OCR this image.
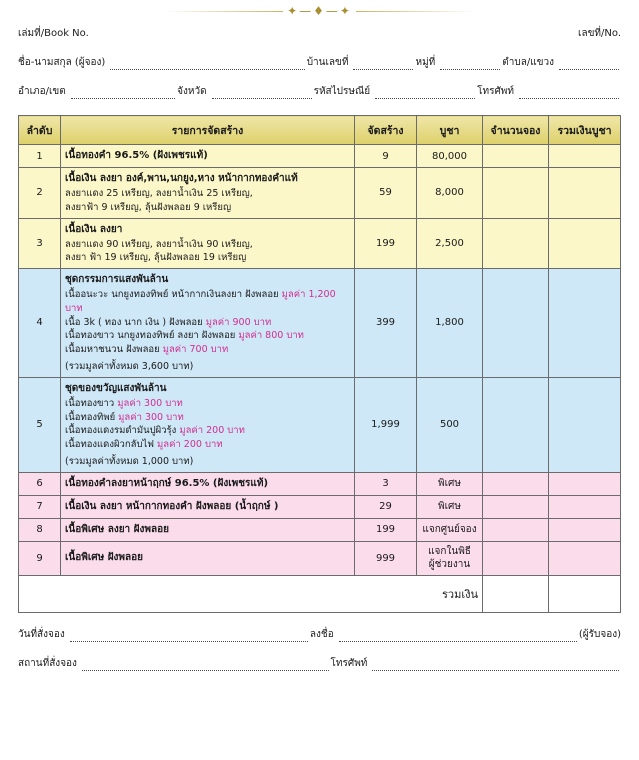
✦—♦—✦
เล่มที่/Book No.	เลขที่/No.
ชื่อ-นามสกุล (ผู้จอง)	บ้านเลขที่	หมู่ที่	ตำบล/แขวง
อำเภอ/เขต	จังหวัด	รหัสไปรษณีย์	โทรศัพท์
ลำดับ	รายการจัดสร้าง	จัดสร้าง	บูชา	จำนวนจอง	รวมเงินบูชา
1	เนื้อทองคำ 96.5% (ฝังเพชรแท้)	9	80,000		
2	เนื้อเงิน ลงยา องค์,พาน,นกยูง,หาง หน้ากากทองคำแท้
ลงยาแดง 25 เหรียญ, ลงยาน้ำเงิน 25 เหรียญ,
ลงยาฟ้า 9 เหรียญ, ลุ้นฝังพลอย 9 เหรียญ	59	8,000		
3	เนื้อเงิน ลงยา
ลงยาแดง 90 เหรียญ, ลงยาน้ำเงิน 90 เหรียญ,
ลงยา ฟ้า 19 เหรียญ, ลุ้นฝังพลอย 19 เหรียญ	199	2,500		
4	
ชุดกรรมการแสงพันล้าน
เนื้ออนะวะ นกยูงทองทิพย์ หน้ากากเงินลงยา ฝังพลอย มูลค่า 1,200 บาท
เนื้อ 3k ( ทอง นาก เงิน ) ฝังพลอย มูลค่า 900 บาท
เนื้อทองขาว นกยูงทองทิพย์ ลงยา ฝังพลอย มูลค่า 800 บาท
เนื้อมหาชนวน ฝังพลอย มูลค่า 700 บาท
(รวมมูลค่าทั้งหมด 3,600 บาท)
	399	1,800		
5	
ชุดของขวัญแสงพันล้าน
เนื้อทองขาว มูลค่า 300 บาท
เนื้อทองทิพย์ มูลค่า 300 บาท
เนื้อทองแดงรมดำมันปูผิวรุ้ง มูลค่า 200 บาท
เนื้อทองแดงผิวกลับไฟ มูลค่า 200 บาท
(รวมมูลค่าทั้งหมด 1,000 บาท)
	1,999	500		
6	เนื้อทองคำลงยาหน้าฤกษ์ 96.5% (ฝังเพชรแท้)	3	พิเศษ		
7	เนื้อเงิน ลงยา หน้ากากทองคำ ฝังพลอย (น้ำฤกษ์ )	29	พิเศษ		
8	เนื้อพิเศษ ลงยา ฝังพลอย	199	แจกศูนย์จอง		
9	เนื้อพิเศษ ฝังพลอย	999	แจกในพิธี
ผู้ช่วยงาน		
รวมเงิน					
วันที่สั่งจอง	ลงชื่อ	(ผู้รับจอง)
สถานที่สั่งจอง	โทรศัพท์
